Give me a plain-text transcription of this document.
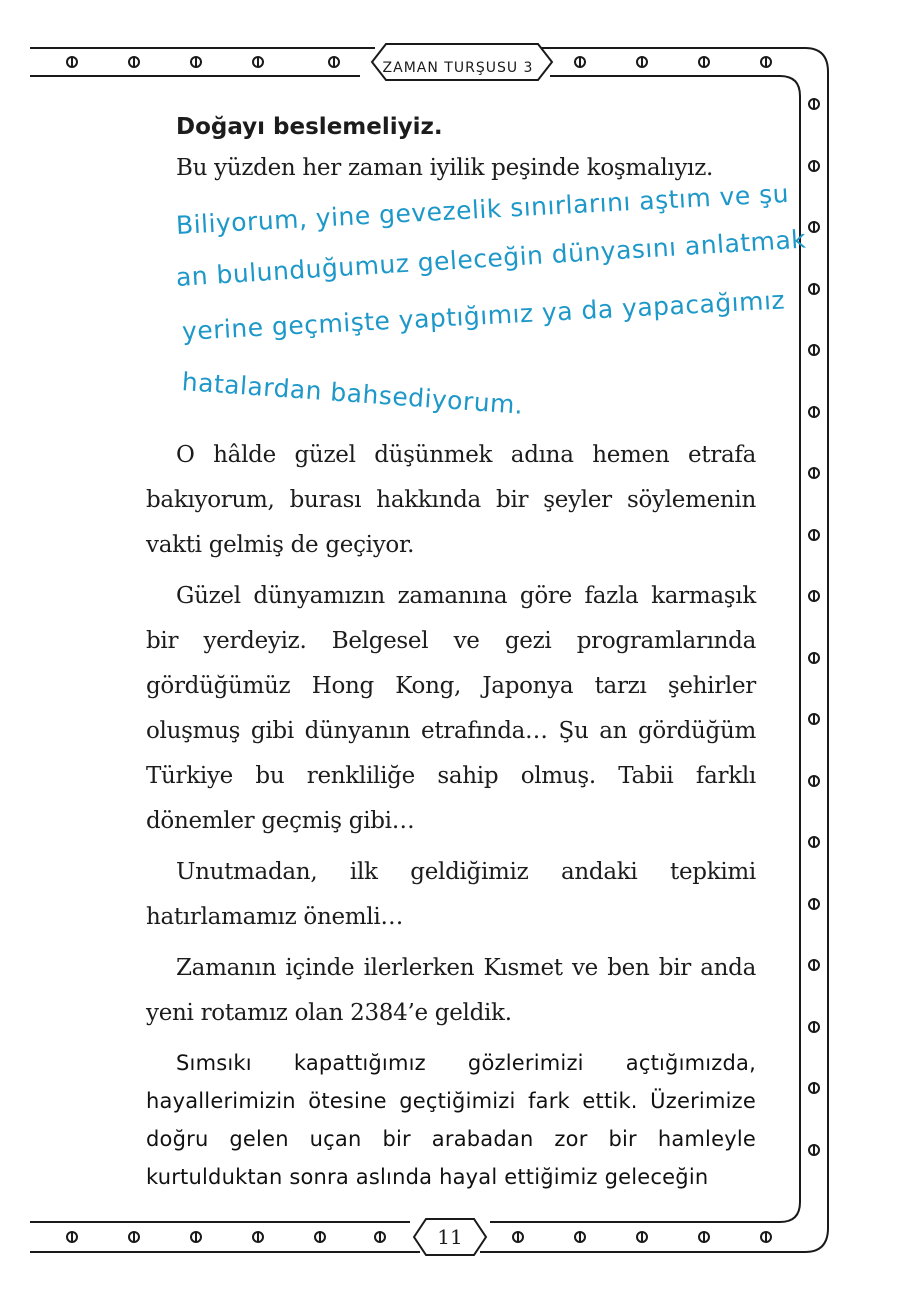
ZAMAN TURŞUSU 3
11
Doğayı beslemeliyiz.

Bu yüzden her zaman iyilik peşinde koşmalıyız.

Biliyorum, yine gevezelik sınırlarını aştım ve şu
an bulunduğumuz geleceğin dünyasını anlatmak
yerine geçmişte yaptığımız ya da yapacağımız
hatalardan bahsediyorum.

O hâlde güzel düşünmek adına hemen etrafa bakıyorum, burası hakkında bir şeyler söylemenin vakti gelmiş de geçiyor.

Güzel dünyamızın zamanına göre fazla karmaşık bir yerdeyiz. Belgesel ve gezi programlarında gördüğümüz Hong Kong, Japonya tarzı şehirler oluşmuş gibi dünyanın etrafında… Şu an gördüğüm Türkiye bu renkliliğe sahip olmuş. Tabii farklı dönemler geçmiş gibi…

Unutmadan, ilk geldiğimiz andaki tepkimi hatırlamamız önemli…

Zamanın içinde ilerlerken Kısmet ve ben bir anda yeni rotamız olan 2384’e geldik.

Sımsıkı kapattığımız gözlerimizi açtığımızda, hayallerimizin ötesine geçtiğimizi fark ettik. Üzerimize doğru gelen uçan bir arabadan zor bir hamleyle kurtulduktan sonra aslında hayal ettiğimiz geleceğin
